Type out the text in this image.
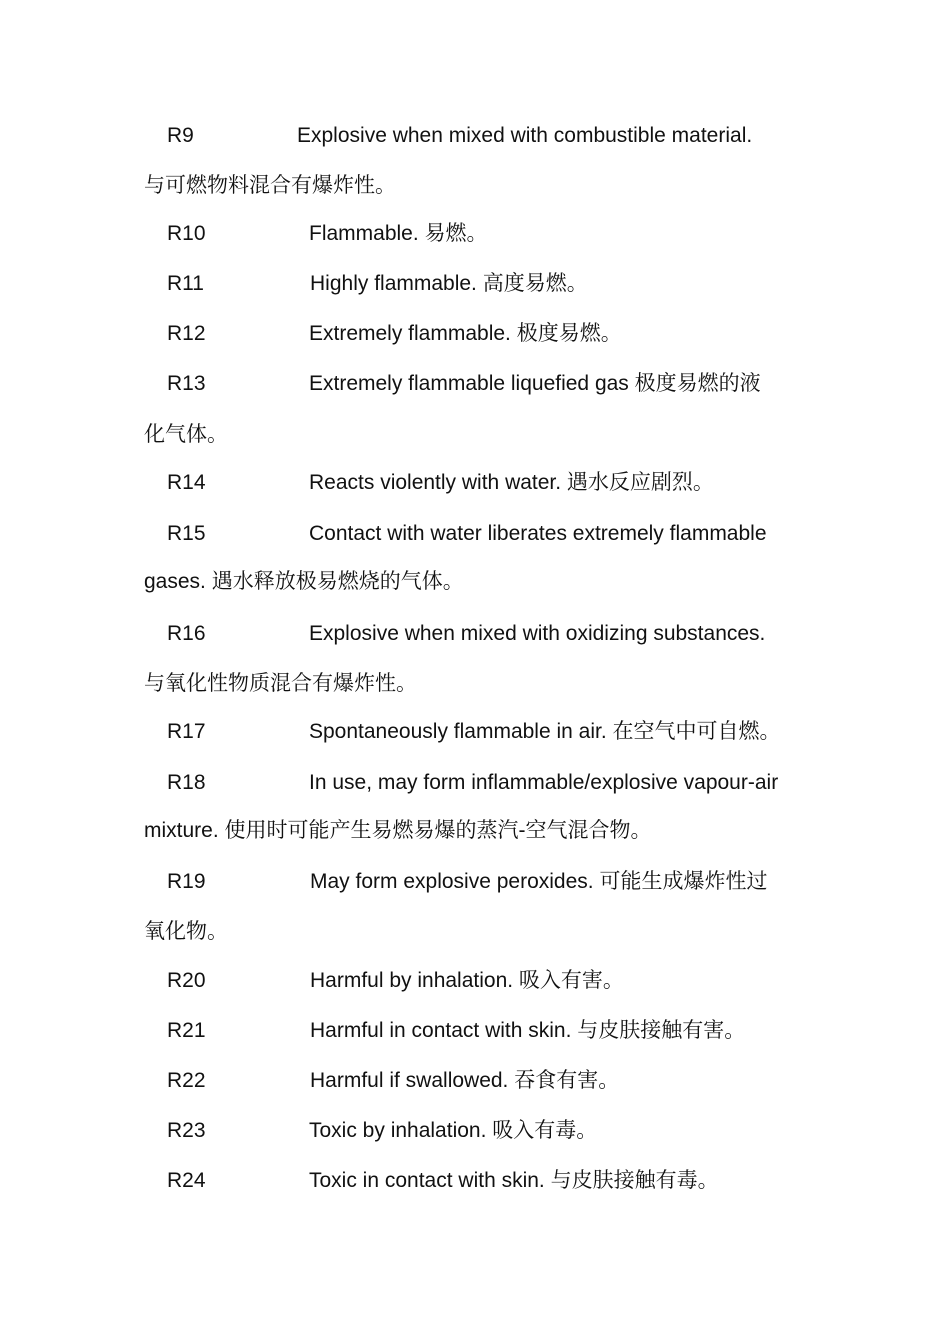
R9	Explosive when mixed with combustible material.
与可燃物料混合有爆炸性。
R10	Flammable. 易燃。
R11	Highly flammable. 高度易燃。
R12	Extremely flammable. 极度易燃。
R13	Extremely flammable liquefied gas 极度易燃的液
化气体。
R14	Reacts violently with water. 遇水反应剧烈。
R15	Contact with water liberates extremely flammable
gases. 遇水释放极易燃烧的气体。
R16	Explosive when mixed with oxidizing substances.
与氧化性物质混合有爆炸性。
R17	Spontaneously flammable in air. 在空气中可自燃。
R18	In use, may form inflammable/explosive vapour-air
mixture. 使用时可能产生易燃易爆的蒸汽-空气混合物。
R19	May form explosive peroxides. 可能生成爆炸性过
氧化物。
R20	Harmful by inhalation. 吸入有害。
R21	Harmful in contact with skin. 与皮肤接触有害。
R22	Harmful if swallowed. 吞食有害。
R23	Toxic by inhalation. 吸入有毒。
R24	Toxic in contact with skin. 与皮肤接触有毒。
